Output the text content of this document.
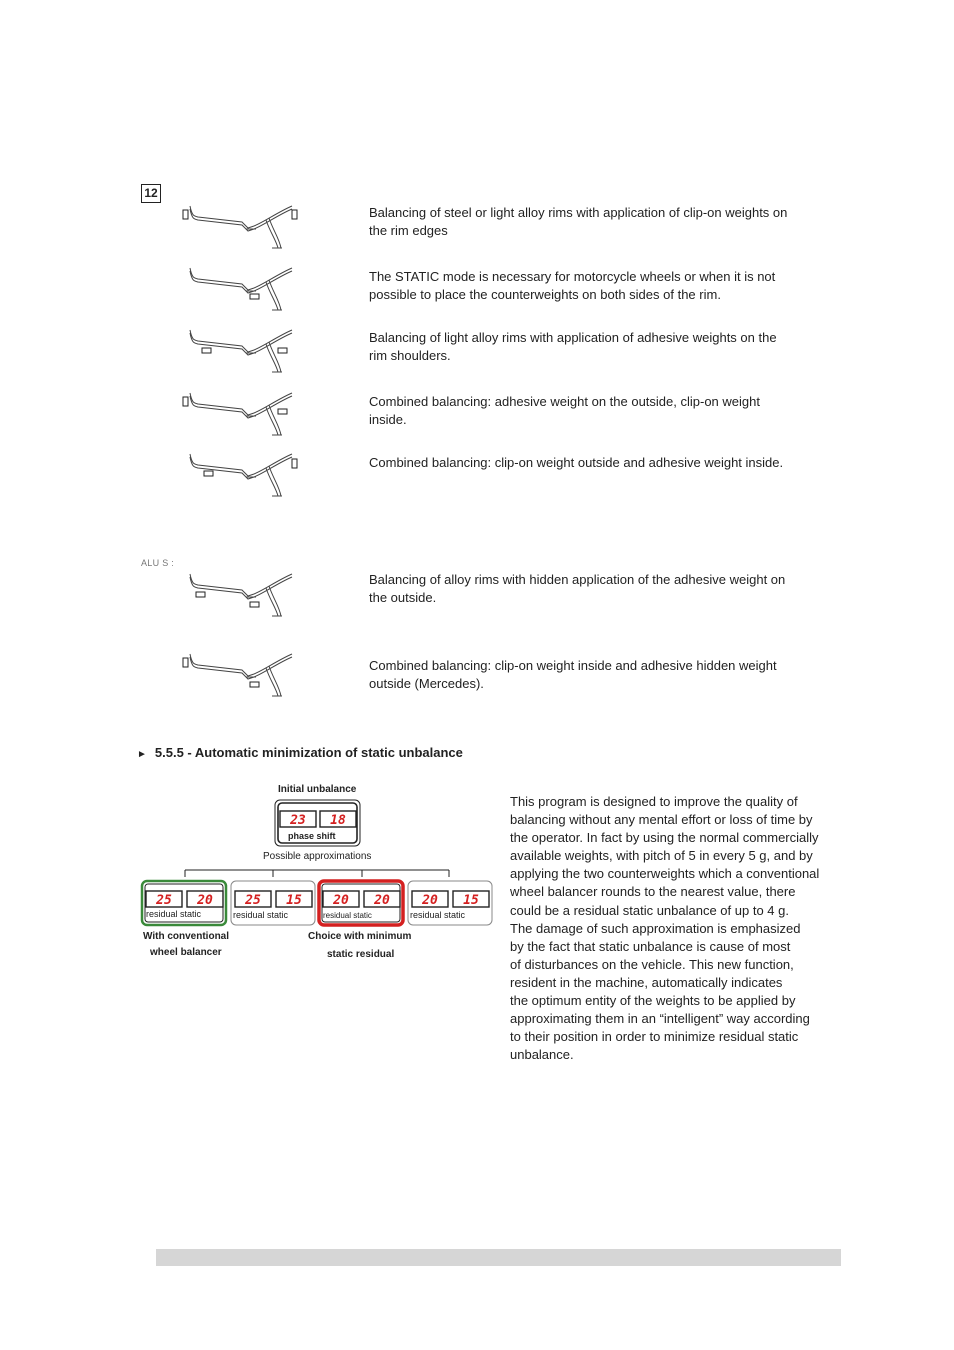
12
Balancing of steel or light alloy rims with application of clip-on weights on the rim edges
The STATIC mode is necessary for motorcycle wheels or when it is not possible to place the counterweights on both sides of the rim.
Balancing of light alloy rims with application of adhesive weights on the rim shoulders.
Combined balancing: adhesive weight on the outside, clip-on weight inside.
Combined balancing: clip-on weight outside and adhesive weight inside.
ALU S :
Balancing of alloy rims with hidden application of the adhesive weight on the outside.
Combined balancing: clip-on weight inside and adhesive hidden weight outside (Mercedes).
► 5.5.5 - Automatic minimization of static unbalance
Initial unbalance
23 18
25 20 25 15 20 20 20 15
phase shift
Possible approximations
residual static	residual static	residual static	residual static
With conventional
wheel balancer
Choice with minimum
static residual

This program is designed to improve the quality of

balancing without any mental effort or loss of time by

the operator. In fact by using the normal commercially

available weights, with pitch of 5 in every 5 g, and by

applying the two counterweights which a conventional

wheel balancer rounds to the nearest value, there

could be a residual static unbalance of up to 4 g.

The damage of such approximation is emphasized

by the fact that static unbalance is cause of most

of disturbances on the vehicle. This new function,

resident in the machine, automatically indicates

the optimum entity of the weights to be applied by

approximating them in an “intelligent” way according

to their position in order to minimize residual static

unbalance.
